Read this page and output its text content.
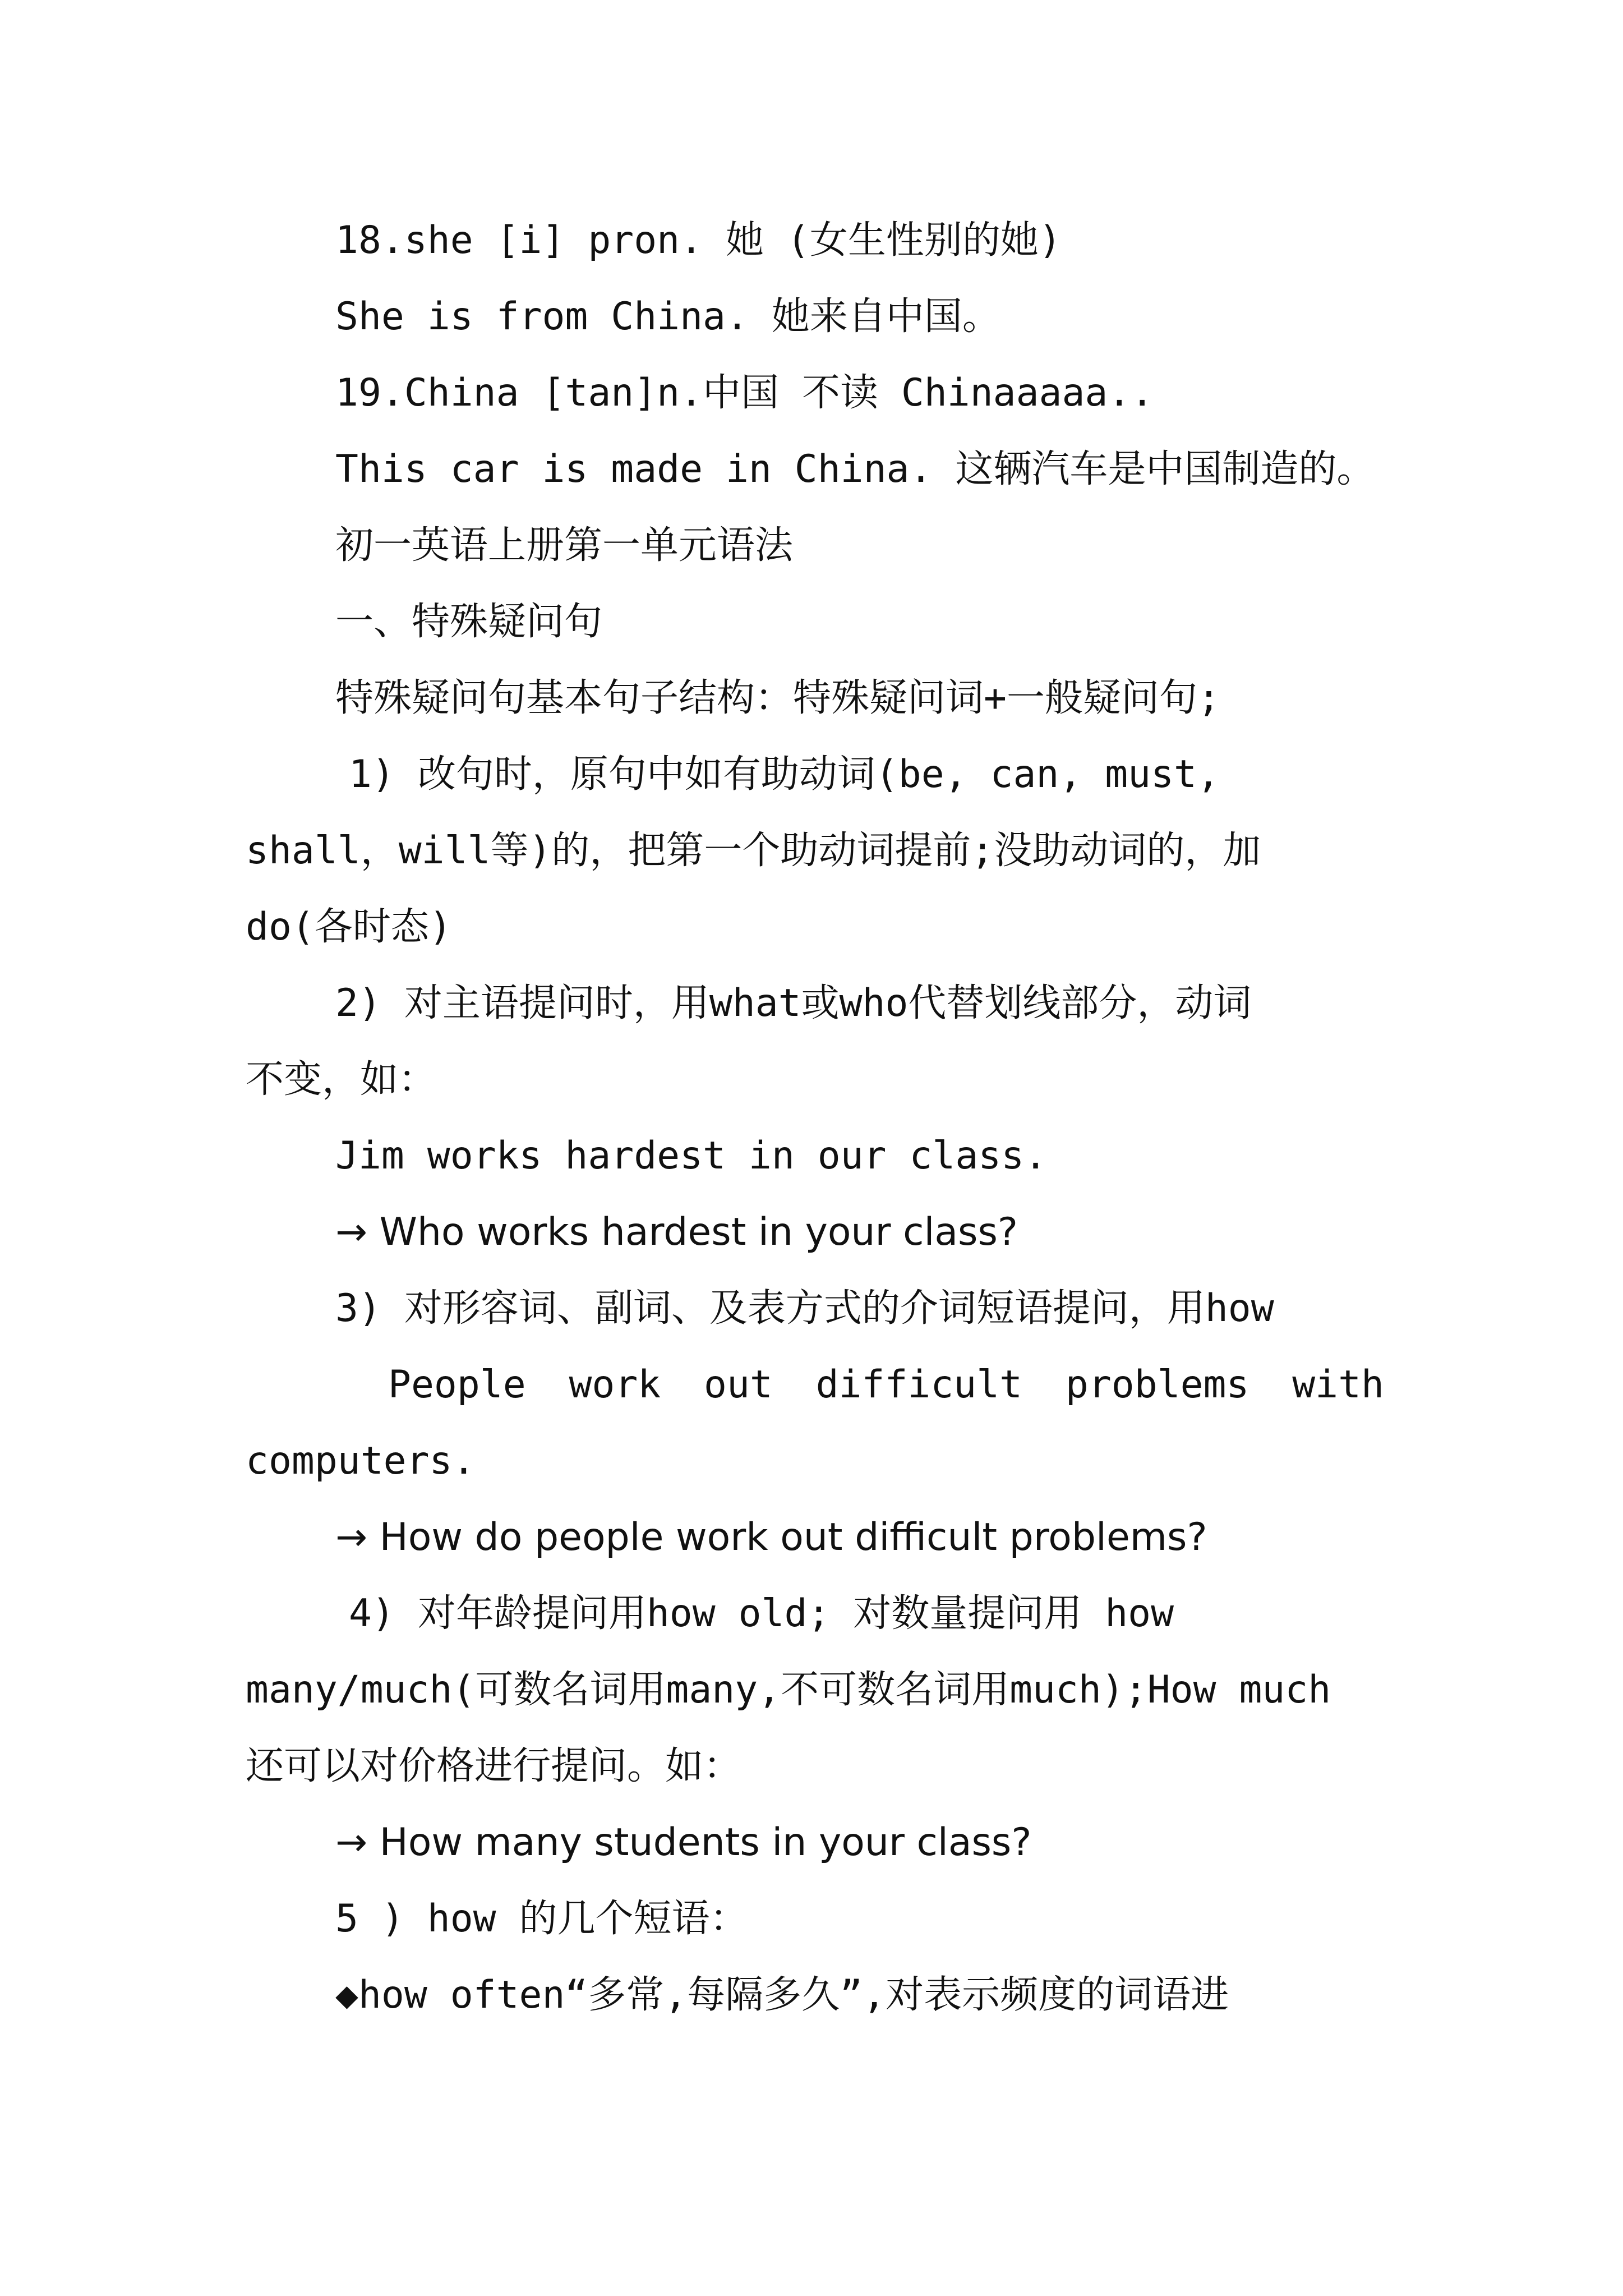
18.she [i] pron. 她 (女生性别的她)
She is from China. 她来自中国。
19.China [tan]n.中国 不读 Chinaaaaa..
This car is made in China. 这辆汽车是中国制造的。
初一英语上册第一单元语法
一、特殊疑问句
特殊疑问句基本句子结构：特殊疑问词+一般疑问句;
1) 改句时，原句中如有助动词(be, can, must,
shall，will等)的，把第一个助动词提前;没助动词的，加
do(各时态)
2) 对主语提问时，用what或who代替划线部分，动词
不变，如：
Jim works hardest in our class.
→ Who works hardest in your class?
3) 对形容词、副词、及表方式的介词短语提问，用how
People work out difficult problems with
computers.
→ How do people work out difficult problems?
4) 对年龄提问用how old; 对数量提问用 how
many/much(可数名词用many,不可数名词用much);How much
还可以对价格进行提问。如：
→ How many students in your class?
5 ) how 的几个短语：
◆how often“多常,每隔多久”,对表示频度的词语进
